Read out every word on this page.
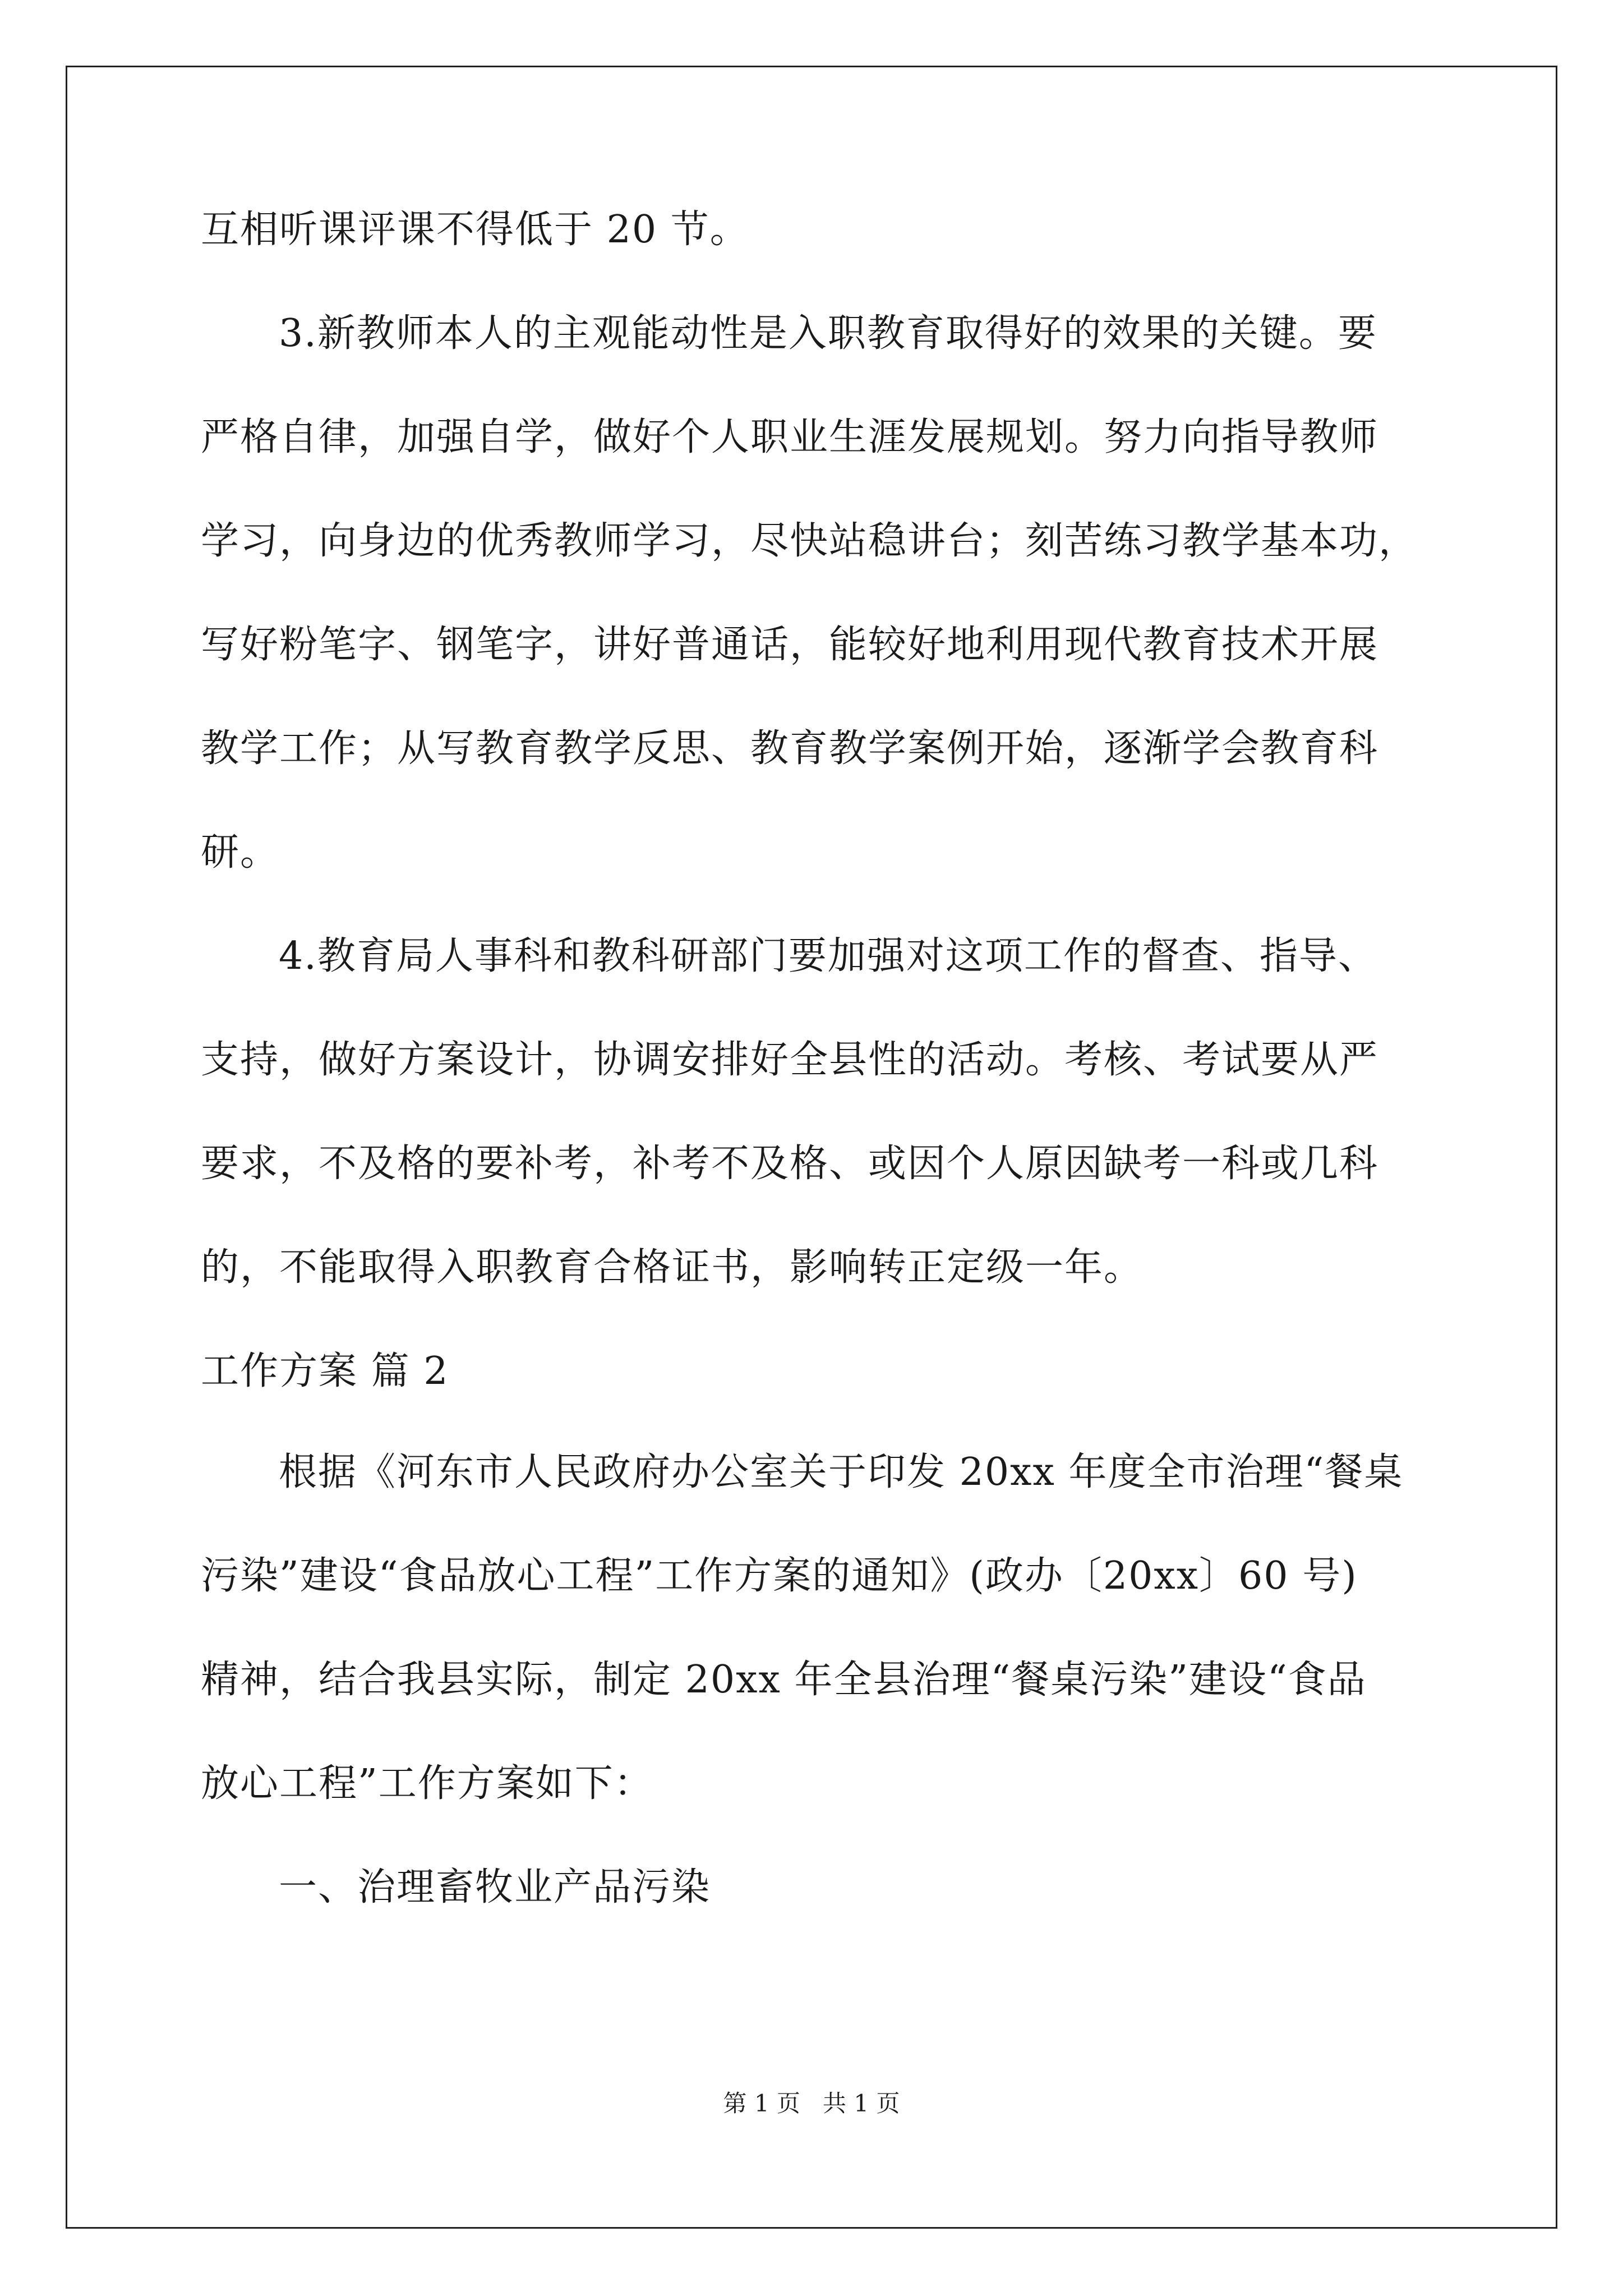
互相听课评课不得低于 20 节。
3.新教师本人的主观能动性是入职教育取得好的效果的关键。要
严格自律，加强自学，做好个人职业生涯发展规划。努力向指导教师
学习，向身边的优秀教师学习，尽快站稳讲台；刻苦练习教学基本功，
写好粉笔字、钢笔字，讲好普通话，能较好地利用现代教育技术开展
教学工作；从写教育教学反思、教育教学案例开始，逐渐学会教育科
研。
4.教育局人事科和教科研部门要加强对这项工作的督查、指导、
支持，做好方案设计，协调安排好全县性的活动。考核、考试要从严
要求，不及格的要补考，补考不及格、或因个人原因缺考一科或几科
的，不能取得入职教育合格证书，影响转正定级一年。
工作方案 篇 2
根据《河东市人民政府办公室关于印发 20xx 年度全市治理“餐桌
污染”建设“食品放心工程”工作方案的通知》(政办〔20xx〕60 号)
精神，结合我县实际，制定 20xx 年全县治理“餐桌污染”建设“食品
放心工程”工作方案如下：
一、治理畜牧业产品污染
第 1 页   共 1 页
